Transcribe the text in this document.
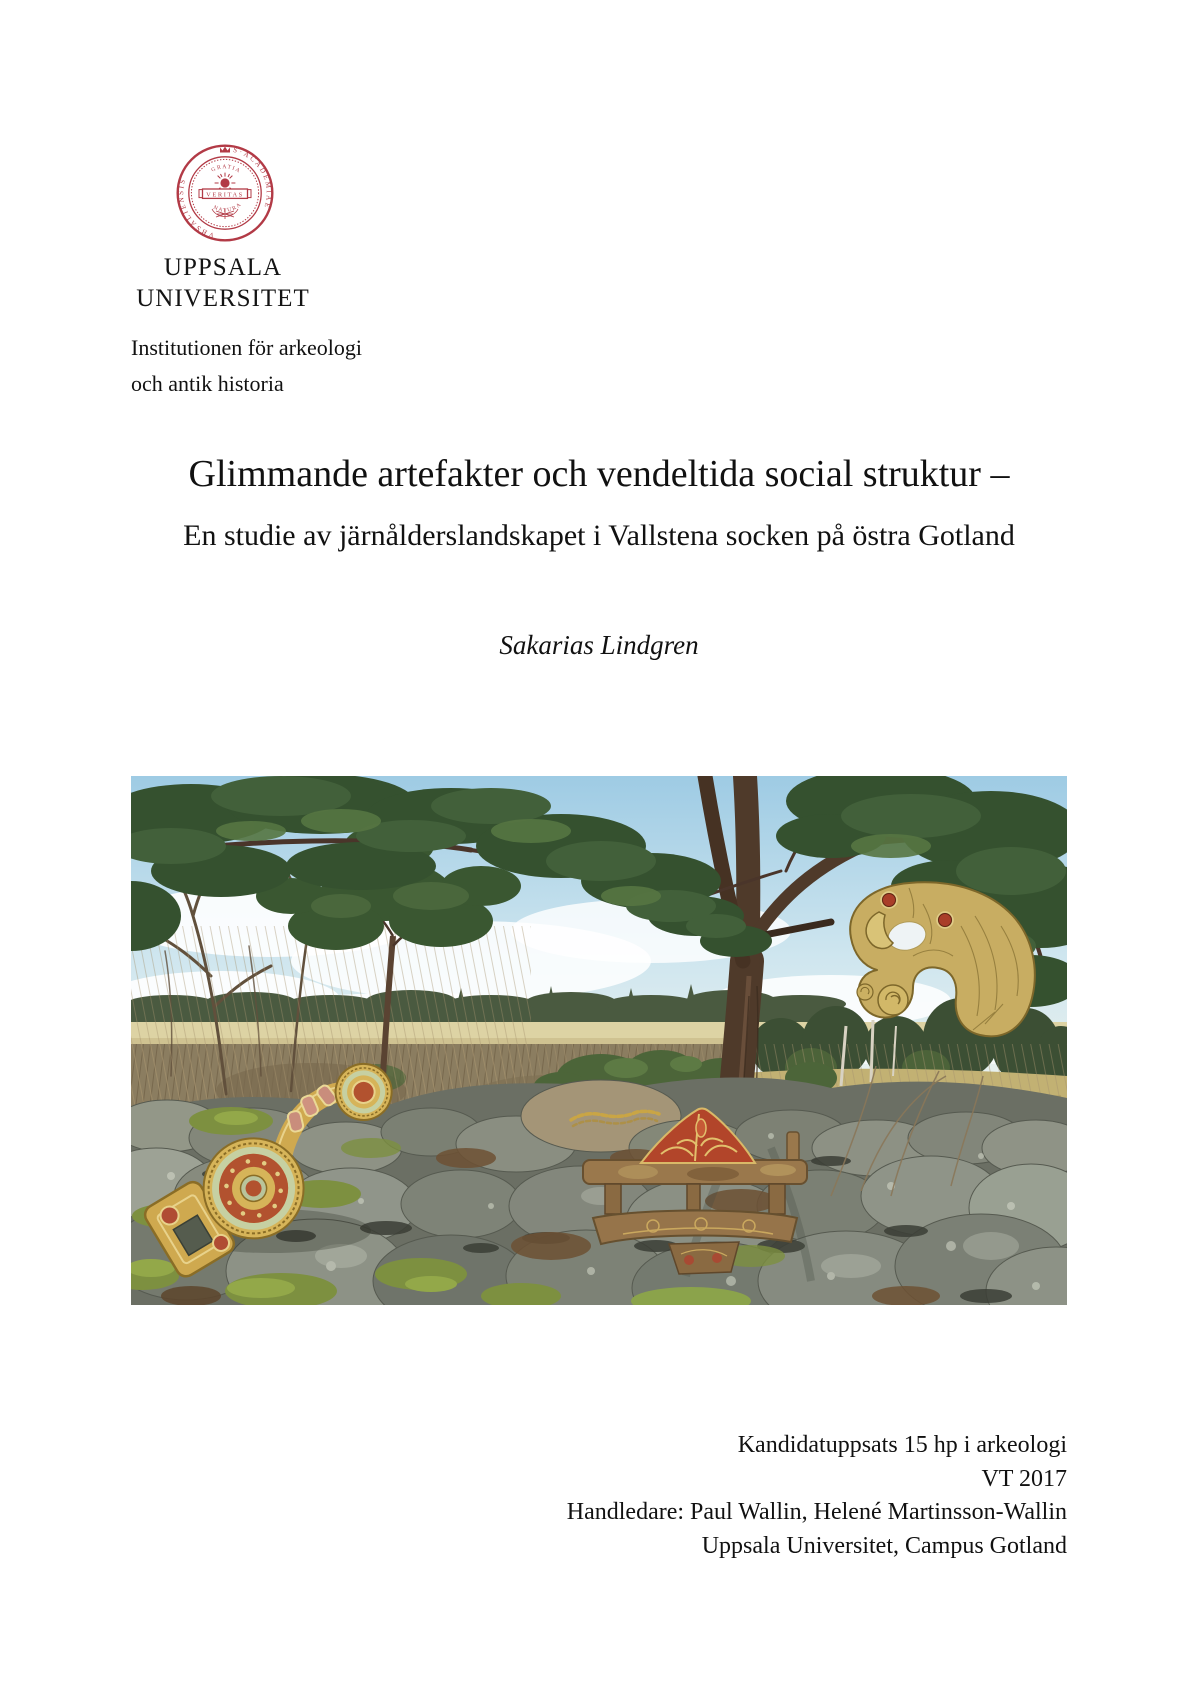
S·ACADEMIAE
VBSALIENSIS
GRATIA
NATURA
VERITAS
UPPSALA
UNIVERSITET
Institutionen för arkeologi
och antik historia
Glimmande artefakter och vendeltida social struktur –
En studie av järnålderslandskapet i Vallstena socken på östra Gotland
Sakarias Lindgren
Kandidatuppsats 15 hp i arkeologi
VT 2017
Handledare: Paul Wallin, Helené Martinsson-Wallin
Uppsala Universitet, Campus Gotland
